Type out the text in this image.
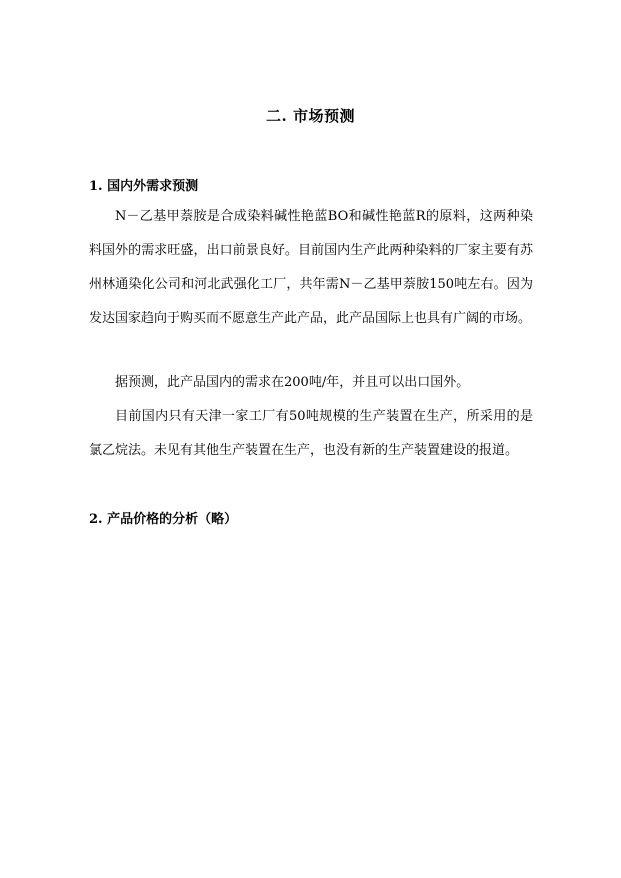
二. 市场预测
1. 国内外需求预测
N－乙基甲萘胺是合成染料碱性艳蓝BO和碱性艳蓝R的原料，这两种染料国外的需求旺盛，出口前景良好。目前国内生产此两种染料的厂家主要有苏州林通染化公司和河北武强化工厂，共年需N－乙基甲萘胺150吨左右。因为发达国家趋向于购买而不愿意生产此产品，此产品国际上也具有广阔的市场。
据预测，此产品国内的需求在200吨/年，并且可以出口国外。
目前国内只有天津一家工厂有50吨规模的生产装置在生产，所采用的是氯乙烷法。未见有其他生产装置在生产，也没有新的生产装置建设的报道。
2. 产品价格的分析（略）
